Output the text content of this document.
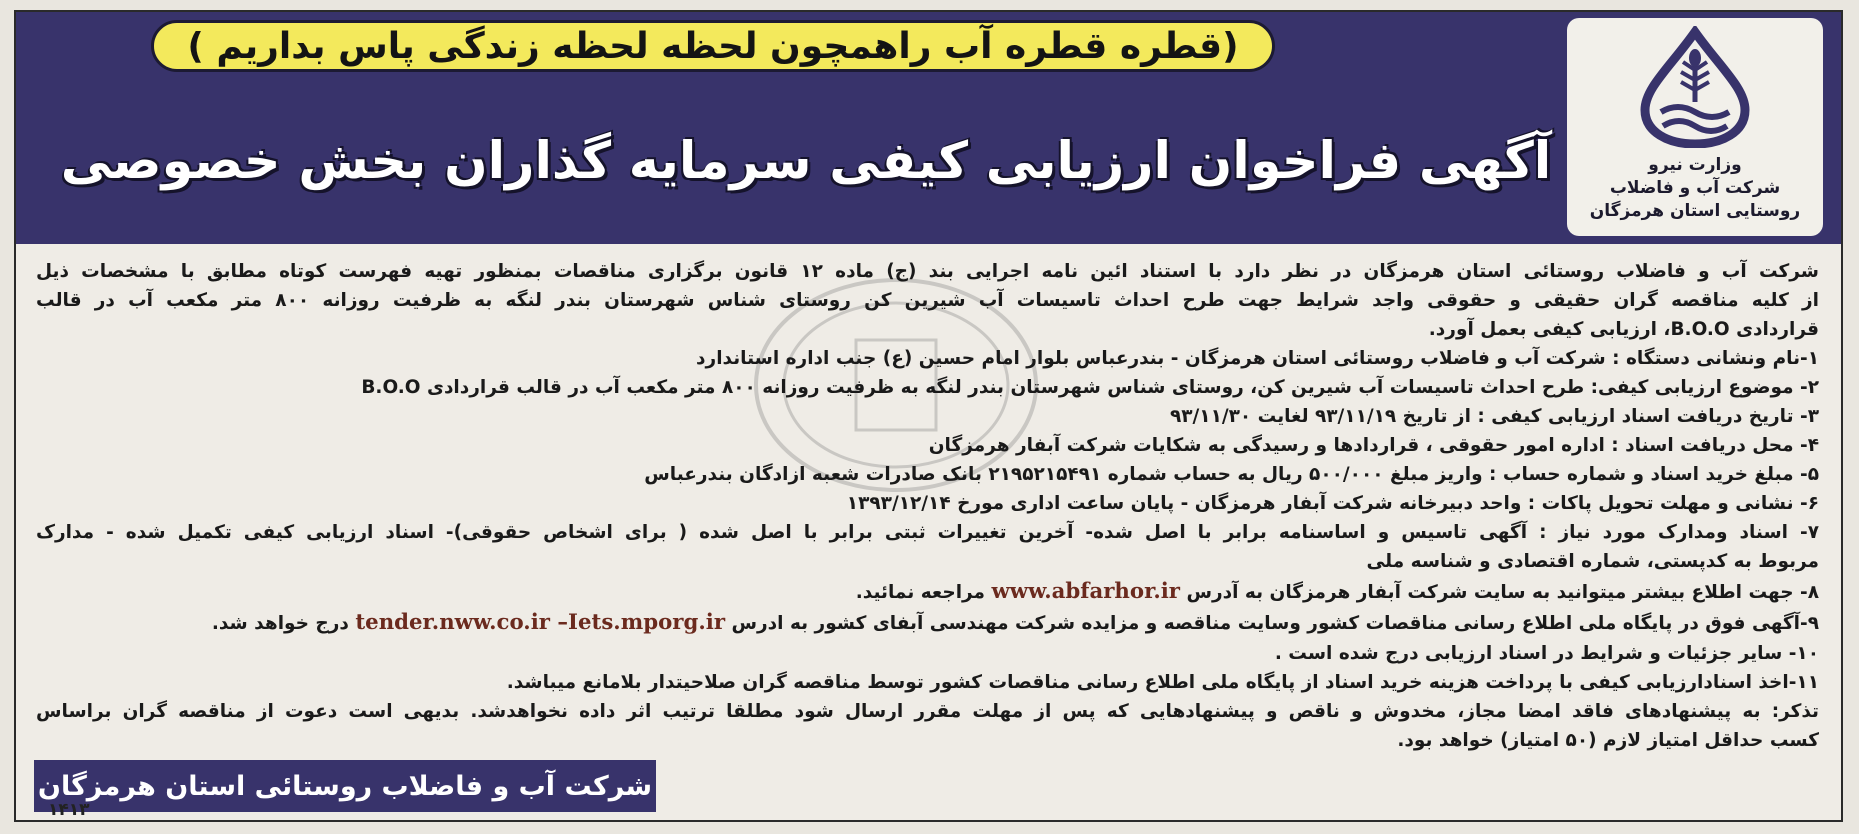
(قطره قطره آب راهمچون لحظه لحظه زندگی پاس بداریم )
آگهی فراخوان ارزیابی کیفی سرمایه گذاران بخش خصوصی	وزارت نیرو
شرکت آب و فاضلاب
روستایی استان هرمزگان
شرکت آب و فاضلاب روستائی استان هرمزگان در نظر دارد با استناد ائین نامه اجرایی بند (ج) ماده ۱۲ قانون برگزاری مناقصات بمنظور تهیه فهرست کوتاه مطابق با مشخصات ذیل
از کلیه مناقصه گران حقیقی و حقوقی واجد شرایط جهت طرح احداث تاسیسات آب شیرین کن روستای شناس شهرستان بندر لنگه به ظرفیت روزانه ۸۰۰ متر مکعب آب در قالب
قراردادی B.O.O، ارزیابی کیفی بعمل آورد.
۱-نام ونشانی دستگاه : شرکت آب و فاضلاب روستائی استان هرمزگان - بندرعباس بلوار امام حسین (ع) جنب اداره استاندارد
۲- موضوع ارزیابی کیفی: طرح احداث تاسیسات آب شیرین کن، روستای شناس شهرستان بندر لنگه به ظرفیت روزانه ۸۰۰ متر مکعب آب در قالب قراردادی B.O.O
۳- تاریخ دریافت اسناد ارزیابی کیفی : از تاریخ ۹۳/۱۱/۱۹ لغایت ۹۳/۱۱/۳۰
۴- محل دریافت اسناد : اداره امور حقوقی ، قراردادها و رسیدگی به شکایات شرکت آبفار هرمزگان
۵- مبلغ خرید اسناد و شماره حساب : واریز مبلغ ۵۰۰/۰۰۰ ریال به حساب شماره ۲۱۹۵۲۱۵۴۹۱ بانک صادرات شعبه ازادگان بندرعباس
۶- نشانی و مهلت تحویل پاکات : واحد دبیرخانه شرکت آبفار هرمزگان - پایان ساعت اداری مورخ ۱۳۹۳/۱۲/۱۴
۷- اسناد ومدارک مورد نیاز : آگهی تاسیس و اساسنامه برابر با اصل شده- آخرین تغییرات ثبتی برابر با اصل شده ( برای اشخاص حقوقی)- اسناد ارزیابی کیفی تکمیل شده - مدارک
مربوط به کدپستی، شماره اقتصادی و شناسه ملی
۸- جهت اطلاع بیشتر میتوانید به سایت شرکت آبفار هرمزگان به آدرس www.abfarhor.ir مراجعه نمائید.
۹-آگهی فوق در پایگاه ملی اطلاع رسانی مناقصات کشور وسایت مناقصه و مزایده شرکت مهندسی آبفای کشور به ادرس tender.nww.co.ir –Iets.mporg.ir درج خواهد شد.
۱۰- سایر جزئیات و شرایط در اسناد ارزیابی درج شده است .
۱۱-اخذ اسنادارزیابی کیفی با پرداخت هزینه خرید اسناد از پایگاه ملی اطلاع رسانی مناقصات کشور توسط مناقصه گران صلاحیتدار بلامانع میباشد.
تذکر: به پیشنهادهای فاقد امضا مجاز، مخدوش و ناقص و پیشنهادهایی که پس از مهلت مقرر ارسال شود مطلقا ترتیب اثر داده نخواهدشد. بدیهی است دعوت از مناقصه گران براساس
کسب حداقل امتیاز لازم (۵۰ امتیاز) خواهد بود.
شرکت آب و فاضلاب روستائی استان هرمزگان
۱۴۱۳
